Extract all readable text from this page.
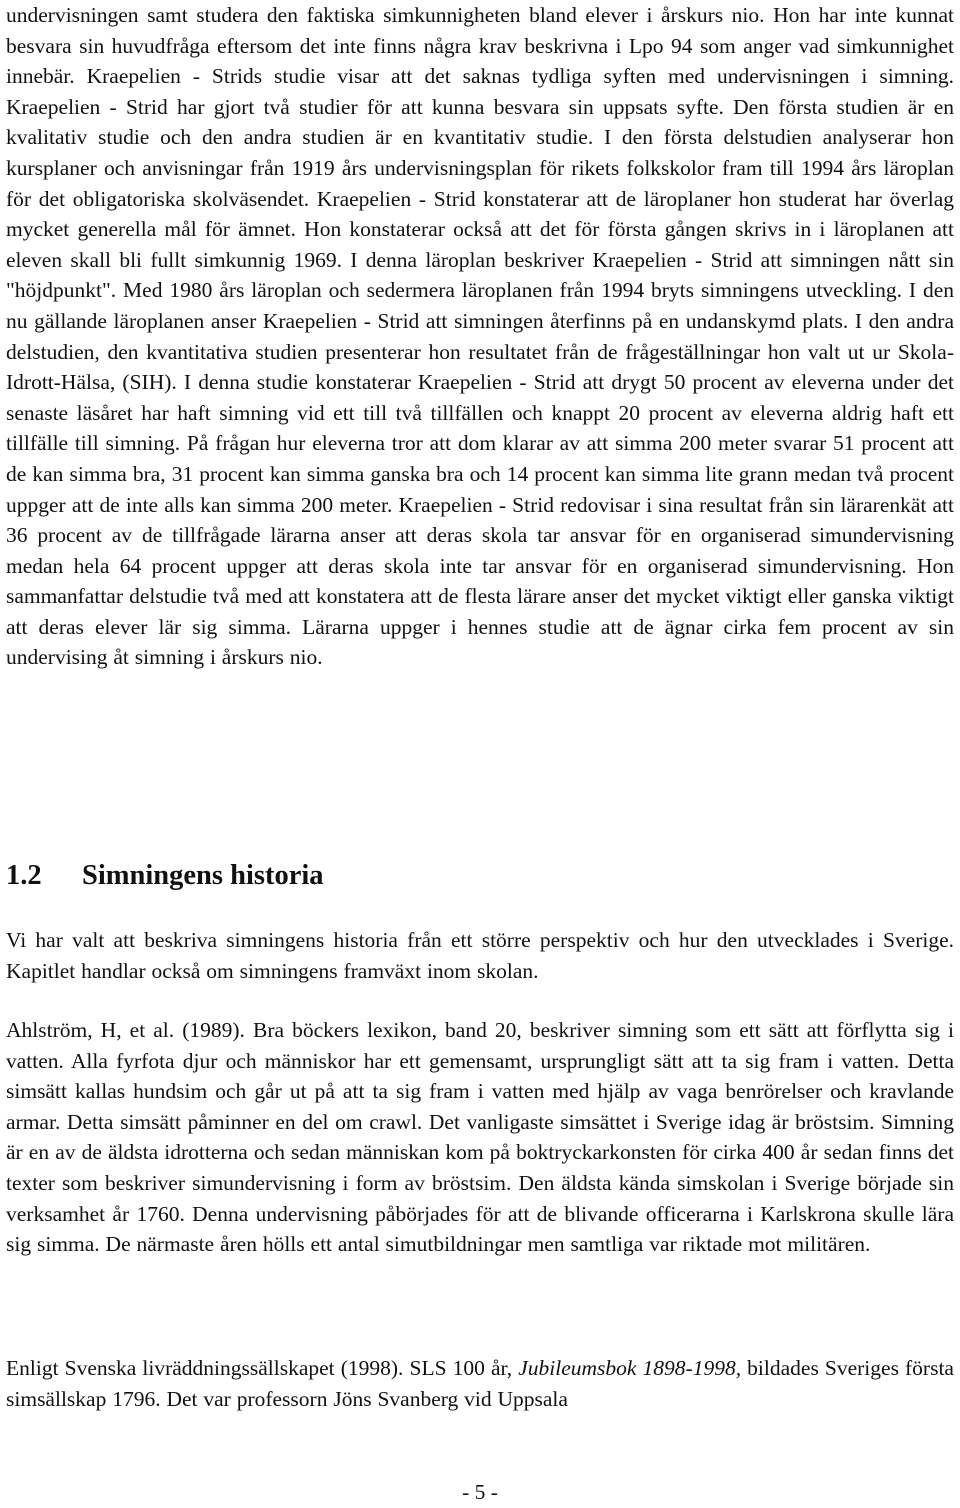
undervisningen samt studera den faktiska simkunnigheten bland elever i årskurs nio. Hon har inte kunnat besvara sin huvudfråga eftersom det inte finns några krav beskrivna i Lpo 94 som anger vad simkunnighet innebär. Kraepelien - Strids studie visar att det saknas tydliga syften med undervisningen i simning. Kraepelien - Strid har gjort två studier för att kunna besvara sin uppsats syfte. Den första studien är en kvalitativ studie och den andra studien är en kvantitativ studie. I den första delstudien analyserar hon kursplaner och anvisningar från 1919 års undervisningsplan för rikets folkskolor fram till 1994 års läroplan för det obligatoriska skolväsendet. Kraepelien - Strid konstaterar att de läroplaner hon studerat har överlag mycket generella mål för ämnet. Hon konstaterar också att det för första gången skrivs in i läroplanen att eleven skall bli fullt simkunnig 1969. I denna läroplan beskriver Kraepelien - Strid att simningen nått sin "höjdpunkt". Med 1980 års läroplan och sedermera läroplanen från 1994 bryts simningens utveckling. I den nu gällande läroplanen anser Kraepelien - Strid att simningen återfinns på en undanskymd plats. I den andra delstudien, den kvantitativa studien presenterar hon resultatet från de frågeställningar hon valt ut ur Skola-Idrott-Hälsa, (SIH). I denna studie konstaterar Kraepelien - Strid att drygt 50 procent av eleverna under det senaste läsåret har haft simning vid ett till två tillfällen och knappt 20 procent av eleverna aldrig haft ett tillfälle till simning. På frågan hur eleverna tror att dom klarar av att simma 200 meter svarar 51 procent att de kan simma bra, 31 procent kan simma ganska bra och 14 procent kan simma lite grann medan två procent uppger att de inte alls kan simma 200 meter. Kraepelien - Strid redovisar i sina resultat från sin lärarenkät att 36 procent av de tillfrågade lärarna anser att deras skola tar ansvar för en organiserad simundervisning medan hela 64 procent uppger att deras skola inte tar ansvar för en organiserad simundervisning. Hon sammanfattar delstudie två med att konstatera att de flesta lärare anser det mycket viktigt eller ganska viktigt att deras elever lär sig simma. Lärarna uppger i hennes studie att de ägnar cirka fem procent av sin undervising åt simning i årskurs nio.

1.2 Simningens historia

Vi har valt att beskriva simningens historia från ett större perspektiv och hur den utvecklades i Sverige. Kapitlet handlar också om simningens framväxt inom skolan.

Ahlström, H, et al. (1989). Bra böckers lexikon, band 20, beskriver simning som ett sätt att förflytta sig i vatten. Alla fyrfota djur och människor har ett gemensamt, ursprungligt sätt att ta sig fram i vatten. Detta simsätt kallas hundsim och går ut på att ta sig fram i vatten med hjälp av vaga benrörelser och kravlande armar. Detta simsätt påminner en del om crawl. Det vanligaste simsättet i Sverige idag är bröstsim. Simning är en av de äldsta idrotterna och sedan människan kom på boktryckarkonsten för cirka 400 år sedan finns det texter som beskriver simundervisning i form av bröstsim. Den äldsta kända simskolan i Sverige började sin verksamhet år 1760. Denna undervisning påbörjades för att de blivande officerarna i Karlskrona skulle lära sig simma. De närmaste åren hölls ett antal simutbildningar men samtliga var riktade mot militären.

Enligt Svenska livräddningssällskapet (1998). SLS 100 år, Jubileumsbok 1898-1998, bildades Sveriges första simsällskap 1796. Det var professorn Jöns Svanberg vid Uppsala

- 5 -
